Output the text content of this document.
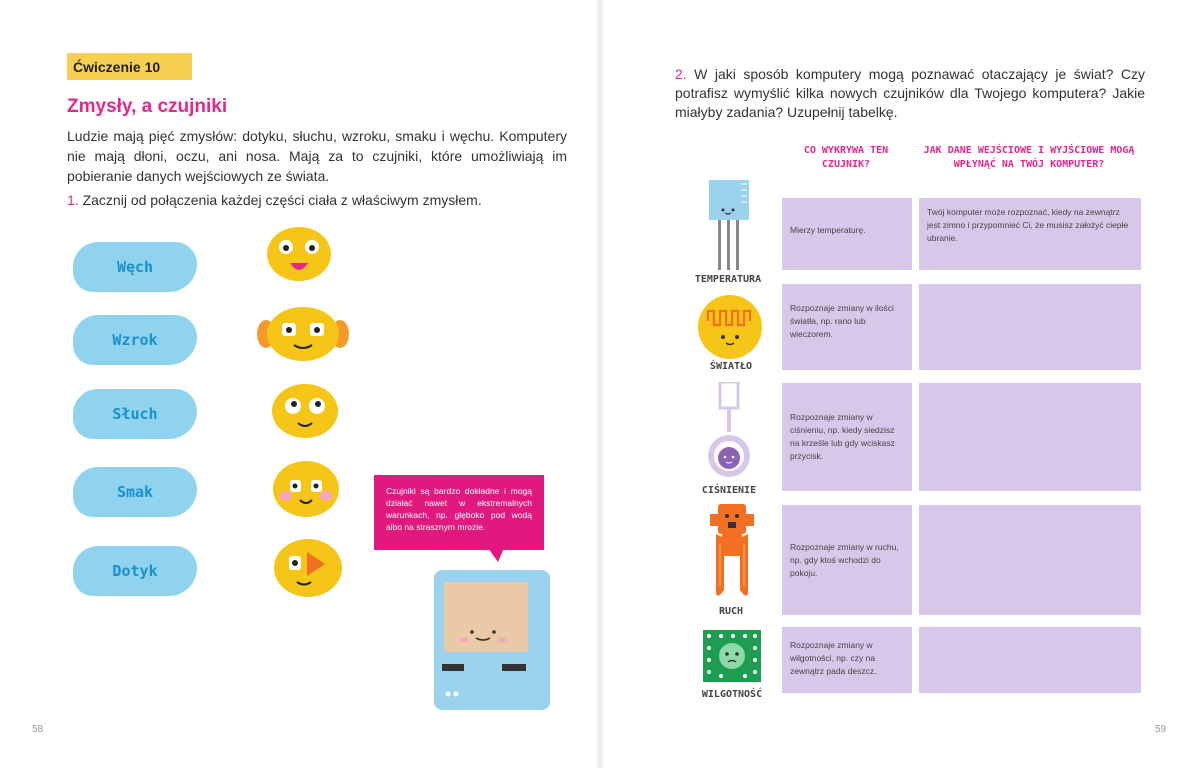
Ćwiczenie 10
Zmysły, a czujniki
Ludzie mają pięć zmysłów: dotyku, słuchu, wzroku, smaku i węchu. Komputery nie mają dłoni, oczu, ani nosa. Mają za to czujniki, które umożliwiają im pobieranie danych wejściowych ze świata.
1. Zacznij od połączenia każdej części ciała z właściwym zmysłem.
Węch
Wzrok
Słuch
Smak
Dotyk
Czujniki są bardzo dokładne i mogą działać nawet w ekstremalnych warunkach, np. głęboko pod wodą albo na strasznym mrozie.
58
2. W jaki sposób komputery mogą poznawać otaczający je świat? Czy potrafisz wymyślić kilka nowych czujników dla Twojego komputera? Jakie miałyby zadania? Uzupełnij tabelkę.
CO WYKRYWA TEN CZUJNIK?
JAK DANE WEJŚCIOWE I WYJŚCIOWE MOGĄ WPŁYNĄĆ NA TWÓJ KOMPUTER?
TEMPERATURA
Mierzy temperaturę.
Twój komputer może rozpoznać, kiedy na zewnątrz jest zimno i przypomnieć Ci, że musisz założyć ciepłe ubranie.
ŚWIATŁO
Rozpoznaje zmiany w ilości światła, np. rano lub wieczorem.
CIŚNIENIE
Rozpoznaje zmiany w ciśnieniu, np. kiedy siedzisz na krześle lub gdy wciskasz przycisk.
RUCH
Rozpoznaje zmiany w ruchu, np. gdy ktoś wchodzi do pokoju.
WILGOTNOŚĆ
Rozpoznaje zmiany w wilgotności, np. czy na zewnątrz pada deszcz.
59
